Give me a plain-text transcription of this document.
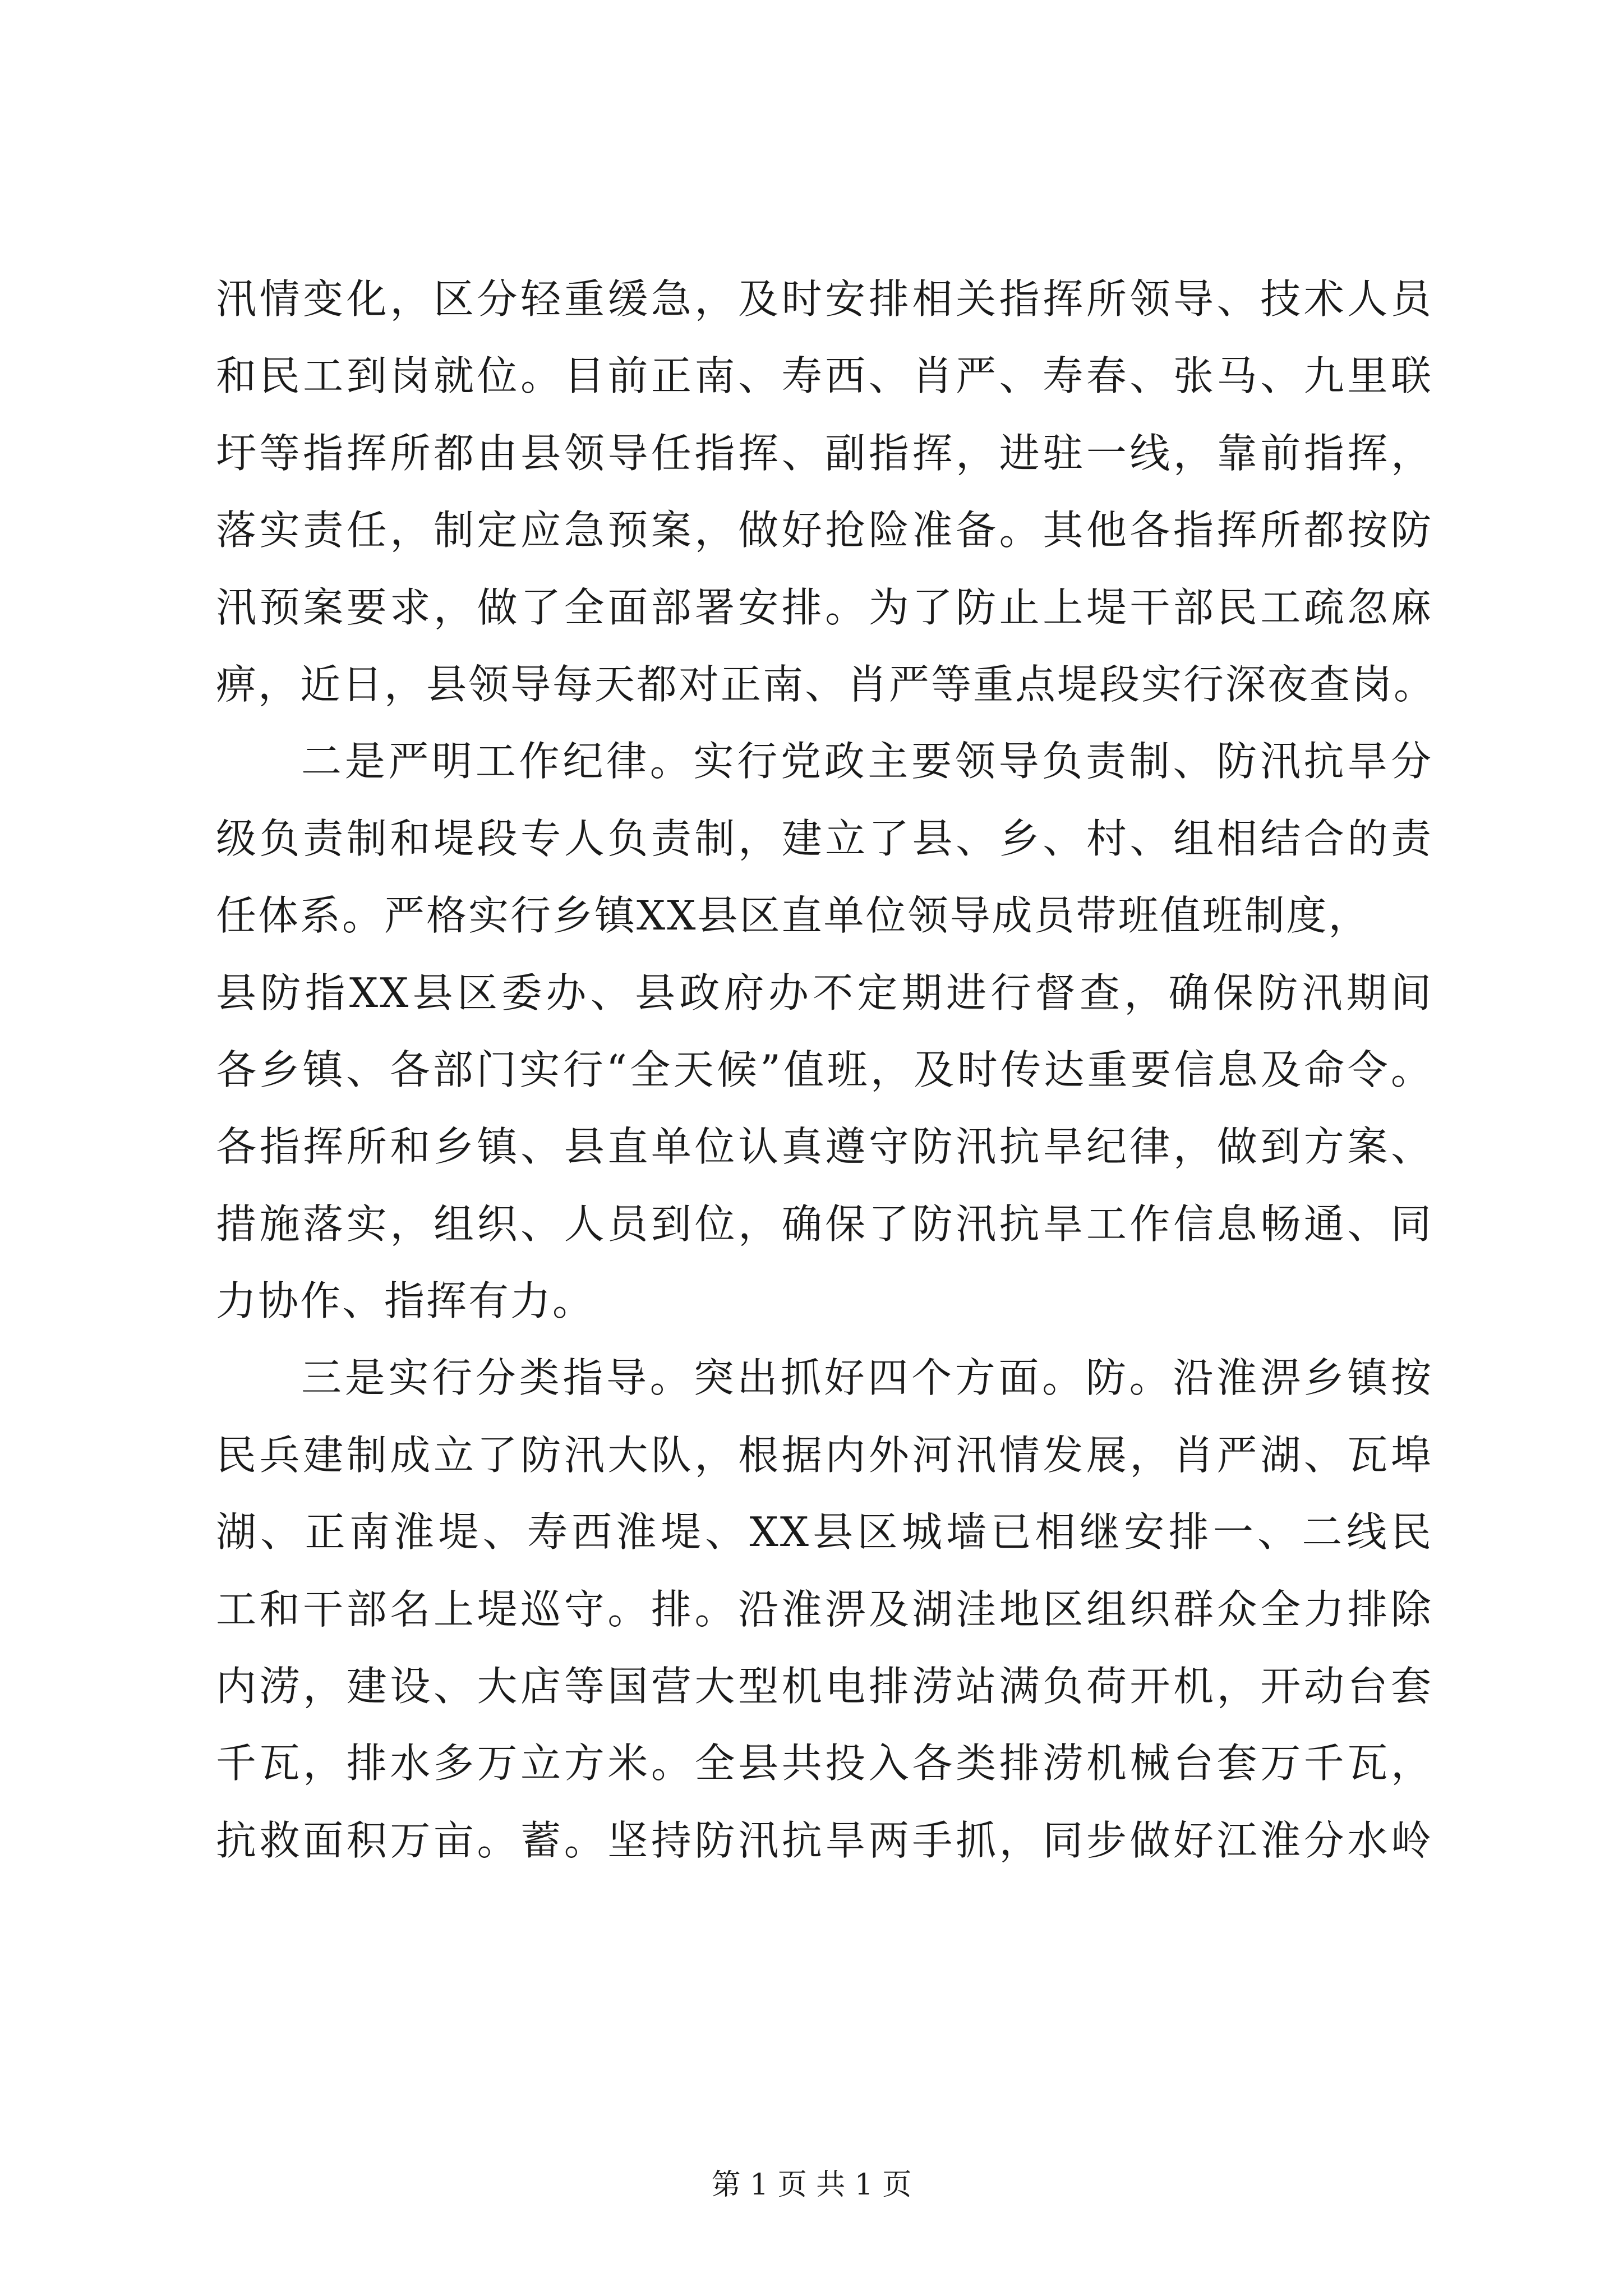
汛情变化，区分轻重缓急，及时安排相关指挥所领导、技术人员
和民工到岗就位。目前正南、寿西、肖严、寿春、张马、九里联
圩等指挥所都由县领导任指挥、副指挥，进驻一线，靠前指挥，
落实责任，制定应急预案，做好抢险准备。其他各指挥所都按防
汛预案要求，做了全面部署安排。为了防止上堤干部民工疏忽麻
痹，近日，县领导每天都对正南、肖严等重点堤段实行深夜查岗。
二是严明工作纪律。实行党政主要领导负责制、防汛抗旱分
级负责制和堤段专人负责制，建立了县、乡、村、组相结合的责
任体系。严格实行乡镇XX县区直单位领导成员带班值班制度，
县防指XX县区委办、县政府办不定期进行督查，确保防汛期间
各乡镇、各部门实行“全天候”值班，及时传达重要信息及命令。
各指挥所和乡镇、县直单位认真遵守防汛抗旱纪律，做到方案、
措施落实，组织、人员到位，确保了防汛抗旱工作信息畅通、同
力协作、指挥有力。
三是实行分类指导。突出抓好四个方面。防。沿淮淠乡镇按
民兵建制成立了防汛大队，根据内外河汛情发展，肖严湖、瓦埠
湖、正南淮堤、寿西淮堤、XX县区城墙已相继安排一、二线民
工和干部名上堤巡守。排。沿淮淠及湖洼地区组织群众全力排除
内涝，建设、大店等国营大型机电排涝站满负荷开机，开动台套
千瓦，排水多万立方米。全县共投入各类排涝机械台套万千瓦，
抗救面积万亩。蓄。坚持防汛抗旱两手抓，同步做好江淮分水岭
第 1 页 共 1 页
